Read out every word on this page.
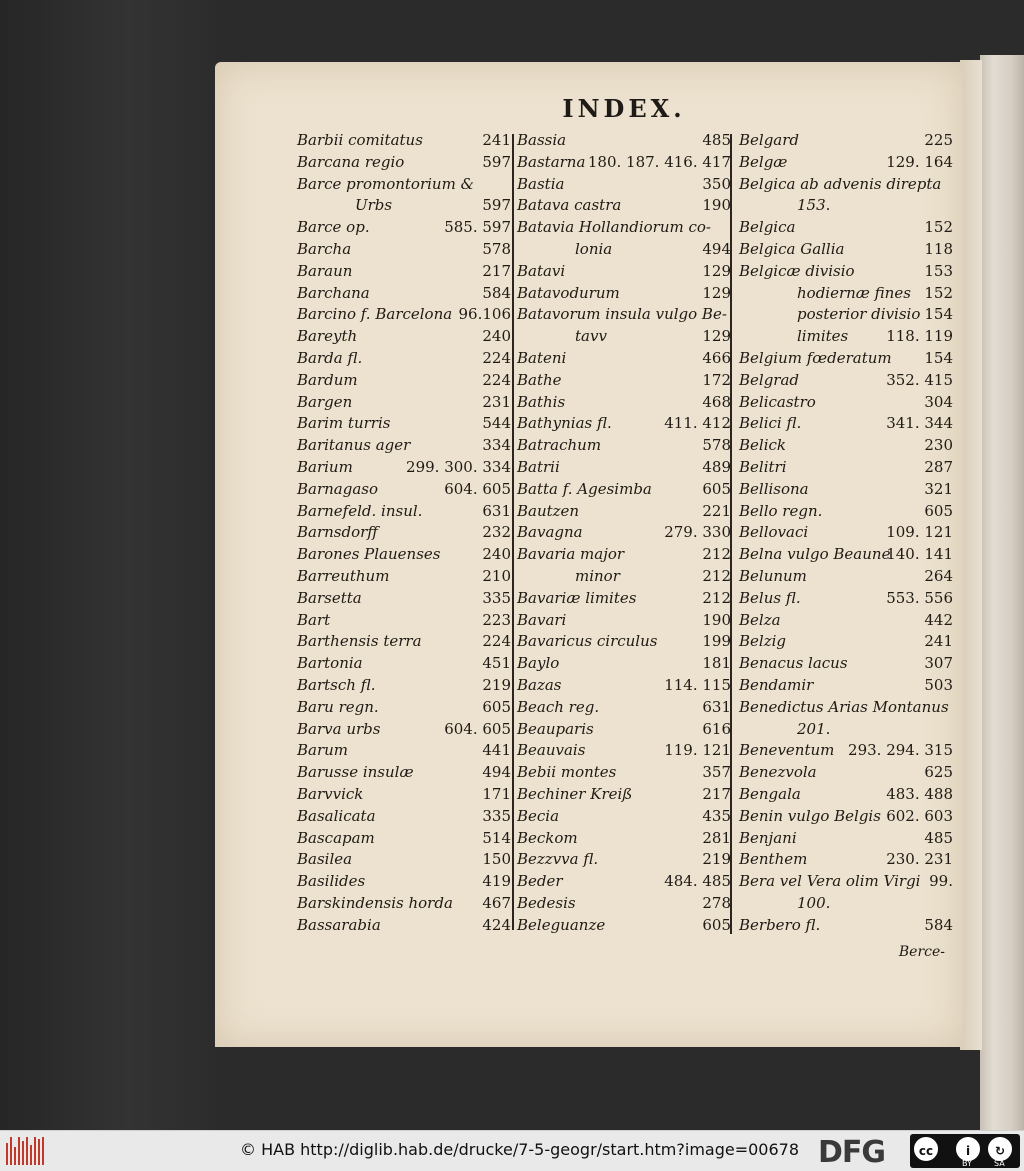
INDEX.
Barbii comitatus	241
Barcana regio	597
Barce promontorium &
Urbs	597
Barce op.	585. 597
Barcha	578
Baraun	217
Barchana	584
Barcino f. Barcelona 96.106
Bareyth	240
Barda fl.	224
Bardum	224
Bargen	231
Barim turris	544
Baritanus ager	334
Barium	299. 300. 334
Barnagaso	604. 605
Barnefeld. insul.	631
Barnsdorff	232
Barones Plauenses	240
Barreuthum	210
Barsetta	335
Bart	223
Barthensis terra	224
Bartonia	451
Bartsch fl.	219
Baru regn.	605
Barva urbs	604. 605
Barum	441
Barusse insulæ	494
Barvvick	171
Basalicata	335
Bascapam	514
Basilea	150
Basilides	419
Barskindensis horda 467
Bassarabia	424
Bassia	485
Bastarna 180. 187. 416. 417
Bastia	350
Batava castra	190
Batavia Hollandiorum co-
lonia	494
Batavi	129
Batavodurum	129
Batavorum insula vulgo Be-
tavv	129
Bateni	466
Bathe	172
Bathis	468
Bathynias fl.	411. 412
Batrachum	578
Batrii	489
Batta f. Agesimba	605
Bautzen	221
Bavagna	279. 330
Bavaria major	212
minor	212
Bavariæ limites	212
Bavari	190
Bavaricus circulus	199
Baylo	181
Bazas	114. 115
Beach reg.	631
Beauparis	616
Beauvais	119. 121
Bebii montes	357
Bechiner Kreiß	217
Becia	435
Beckom	281
Bezzvva fl.	219
Beder	484. 485
Bedesis	278
Beleguanze	605
Belgard	225
Belgæ	129. 164
Belgica ab advenis direpta
153.
Belgica	152
Belgica Gallia	118
Belgicæ divisio	153
hodiernæ fines 152
posterior divisio 154
limites	118. 119
Belgium fœderatum 154
Belgrad	352. 415
Belicastro	304
Belici fl.	341. 344
Belick	230
Belitri	287
Bellisona	321
Bello regn.	605
Bellovaci	109. 121
Belna vulgo Beaune
140. 141
Belunum	264
Belus fl.	553. 556
Belza	442
Belzig	241
Benacus lacus	307
Bendamir	503
Benedictus Arias Montanus
201.
Beneventum 293. 294. 315
Benezvola	625
Bengala	483. 488
Benin vulgo Belgis 602. 603
Benjani	485
Benthem	230. 231
Bera vel Vera olim Virgi 99.
100.
Berbero fl.	584
Berce-
© HAB http://diglib.hab.de/drucke/7-5-geogr/start.htm?image=00678 DFG	cc	i	↻
BY	SA
